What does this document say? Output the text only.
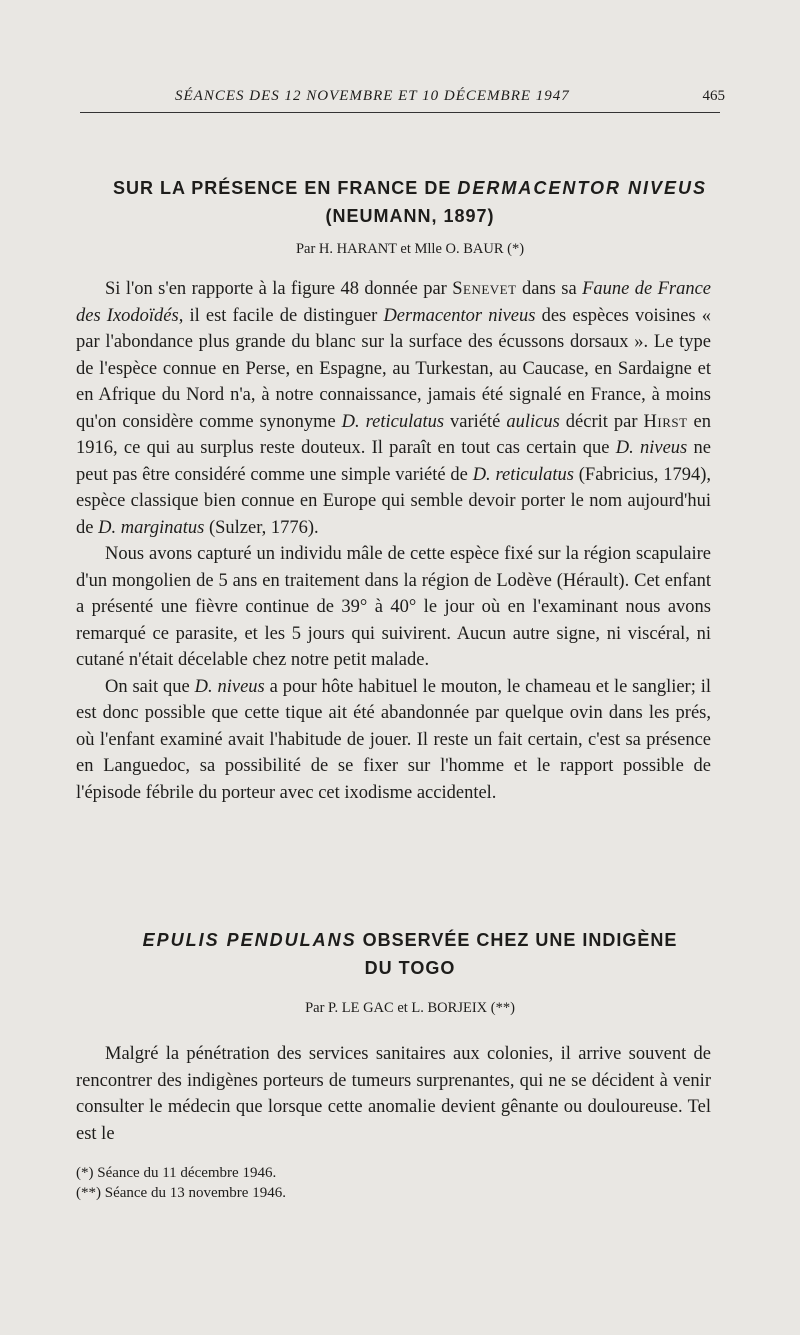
SÉANCES DES 12 NOVEMBRE ET 10 DÉCEMBRE 1947	465
SUR LA PRÉSENCE EN FRANCE DE DERMACENTOR NIVEUS
(NEUMANN, 1897)
Par H. HARANT et Mlle O. BAUR (*)

Si l'on s'en rapporte à la figure 48 donnée par Senevet dans sa Faune de France des Ixodoïdés, il est facile de distinguer Dermacentor niveus des espèces voisines « par l'abondance plus grande du blanc sur la surface des écussons dorsaux ». Le type de l'espèce connue en Perse, en Espagne, au Turkestan, au Caucase, en Sardaigne et en Afrique du Nord n'a, à notre connaissance, jamais été signalé en France, à moins qu'on considère comme synonyme D. reticulatus variété aulicus décrit par Hirst en 1916, ce qui au surplus reste douteux. Il paraît en tout cas certain que D. niveus ne peut pas être considéré comme une simple variété de D. reticulatus (Fabricius, 1794), espèce classique bien connue en Europe qui semble devoir porter le nom aujourd'hui de D. marginatus (Sulzer, 1776).

Nous avons capturé un individu mâle de cette espèce fixé sur la région scapulaire d'un mongolien de 5 ans en traitement dans la région de Lodève (Hérault). Cet enfant a présenté une fièvre continue de 39° à 40° le jour où en l'examinant nous avons remarqué ce parasite, et les 5 jours qui suivirent. Aucun autre signe, ni viscéral, ni cutané n'était décelable chez notre petit malade.

On sait que D. niveus a pour hôte habituel le mouton, le chameau et le sanglier; il est donc possible que cette tique ait été abandonnée par quelque ovin dans les prés, où l'enfant examiné avait l'habitude de jouer. Il reste un fait certain, c'est sa présence en Languedoc, sa possibilité de se fixer sur l'homme et le rapport possible de l'épisode fébrile du porteur avec cet ixodisme accidentel.

EPULIS PENDULANS OBSERVÉE CHEZ UNE INDIGÈNE
DU TOGO
Par P. LE GAC et L. BORJEIX (**)

Malgré la pénétration des services sanitaires aux colonies, il arrive souvent de rencontrer des indigènes porteurs de tumeurs surprenantes, qui ne se décident à venir consulter le médecin que lorsque cette anomalie devient gênante ou douloureuse. Tel est le

(*) Séance du 11 décembre 1946.
(**) Séance du 13 novembre 1946.
